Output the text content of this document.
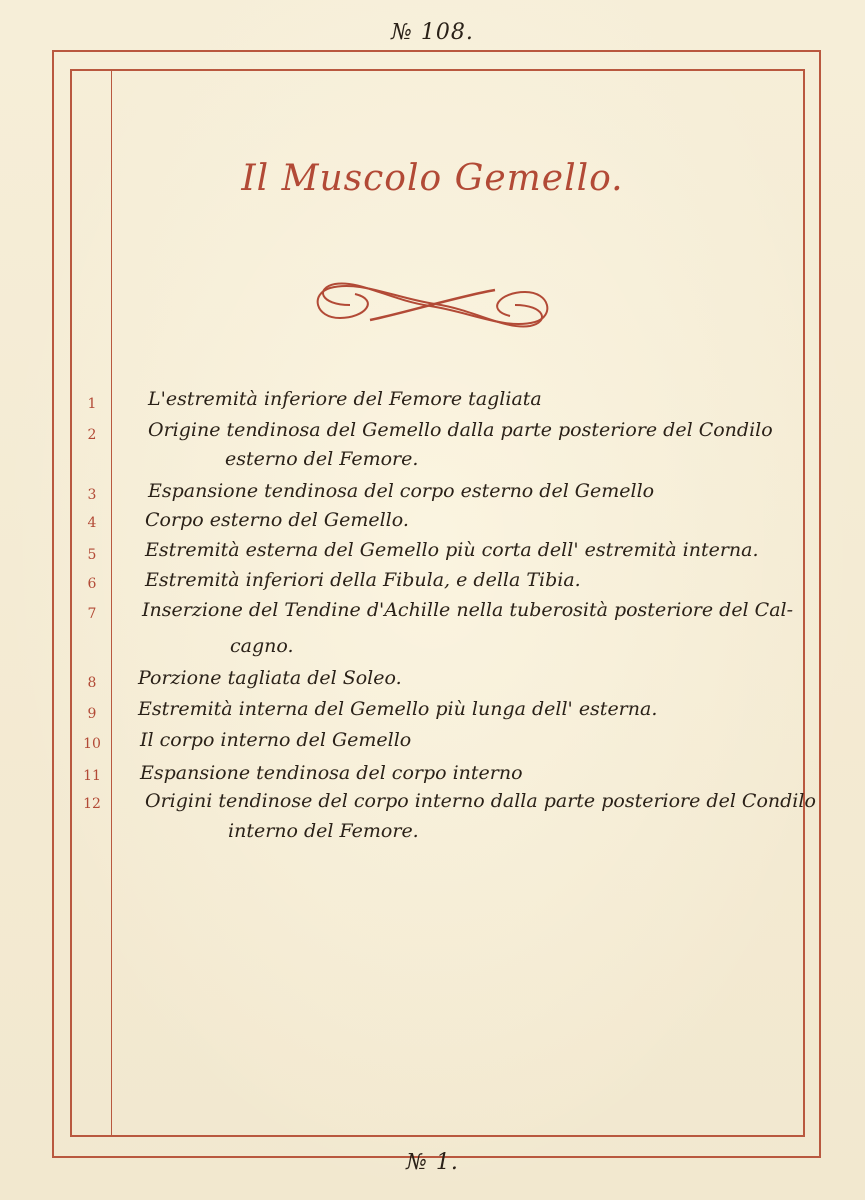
№ 108.
Il Muscolo Gemello.
1	L'estremità inferiore del Femore tagliata
2	Origine tendinosa del Gemello dalla parte posteriore del Condilo
esterno del Femore.
3	Espansione tendinosa del corpo esterno del Gemello
4	Corpo esterno del Gemello.
5	Estremità esterna del Gemello più corta dell' estremità interna.
6	Estremità inferiori della Fibula, e della Tibia.
7	Inserzione del Tendine d'Achille nella tuberosità posteriore del Cal-
cagno.
8	Porzione tagliata del Soleo.
9	Estremità interna del Gemello più lunga dell' esterna.
10	Il corpo interno del Gemello
11	Espansione tendinosa del corpo interno
12	Origini tendinose del corpo interno dalla parte posteriore del Condilo
interno del Femore.
№ 1.
